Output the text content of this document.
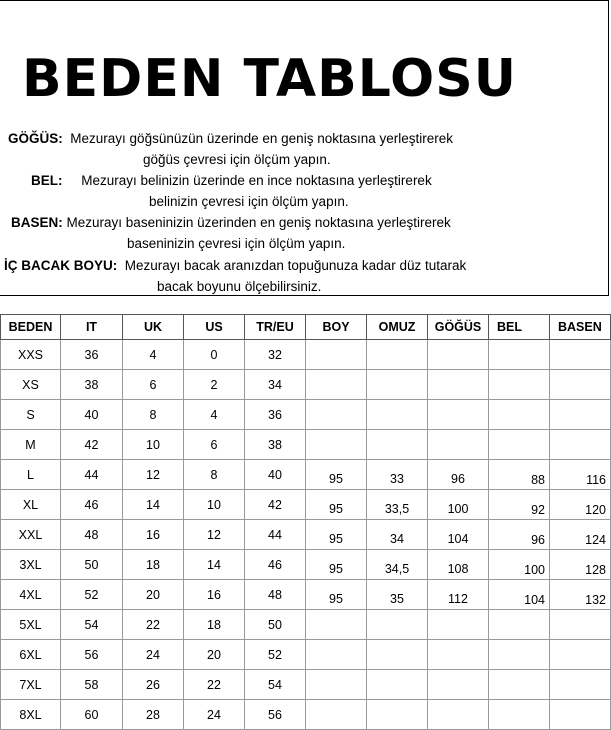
BEDEN TABLOSU
GÖĞÜS: Mezurayı göğsünüzün üzerinde en geniş noktasına yerleştirerek
göğüs çevresi için ölçüm yapın.
BEL: Mezurayı belinizin üzerinde en ince noktasına yerleştirerek
belinizin çevresi için ölçüm yapın.
BASEN: Mezurayı baseninizin üzerinden en geniş noktasına yerleştirerek
baseninizin çevresi için ölçüm yapın.
İÇ BACAK BOYU: Mezurayı bacak aranızdan topuğunuza kadar düz tutarak
bacak boyunu ölçebilirsiniz.
BEDEN	IT	UK	US	TR/EU	BOY	OMUZ	GÖĞÜS	BEL	BASEN
XXS	36	4	0	32					
XS	38	6	2	34					
S	40	8	4	36					
M	42	10	6	38					
L	44	12	8	40	95	33	96	88	116
XL	46	14	10	42	95	33,5	100	92	120
XXL	48	16	12	44	95	34	104	96	124
3XL	50	18	14	46	95	34,5	108	100	128
4XL	52	20	16	48	95	35	112	104	132
5XL	54	22	18	50					
6XL	56	24	20	52					
7XL	58	26	22	54					
8XL	60	28	24	56					
